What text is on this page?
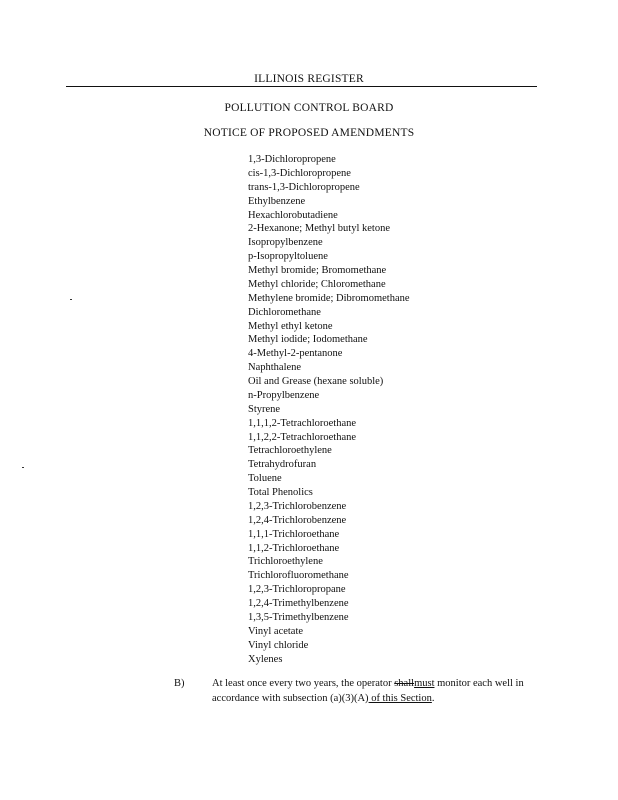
ILLINOIS REGISTER
POLLUTION CONTROL BOARD
NOTICE OF PROPOSED AMENDMENTS
1,3-Dichloropropene
cis-1,3-Dichloropropene
trans-1,3-Dichloropropene
Ethylbenzene
Hexachlorobutadiene
2-Hexanone; Methyl butyl ketone
Isopropylbenzene
p-Isopropyltoluene
Methyl bromide; Bromomethane
Methyl chloride; Chloromethane
Methylene bromide; Dibromomethane
Dichloromethane
Methyl ethyl ketone
Methyl iodide; Iodomethane
4-Methyl-2-pentanone
Naphthalene
Oil and Grease (hexane soluble)
n-Propylbenzene
Styrene
1,1,1,2-Tetrachloroethane
1,1,2,2-Tetrachloroethane
Tetrachloroethylene
Tetrahydrofuran
Toluene
Total Phenolics
1,2,3-Trichlorobenzene
1,2,4-Trichlorobenzene
1,1,1-Trichloroethane
1,1,2-Trichloroethane
Trichloroethylene
Trichlorofluoromethane
1,2,3-Trichloropropane
1,2,4-Trimethylbenzene
1,3,5-Trimethylbenzene
Vinyl acetate
Vinyl chloride
Xylenes
B)	At least once every two years, the operator shallmust monitor each well in accordance with subsection (a)(3)(A) of this Section.
